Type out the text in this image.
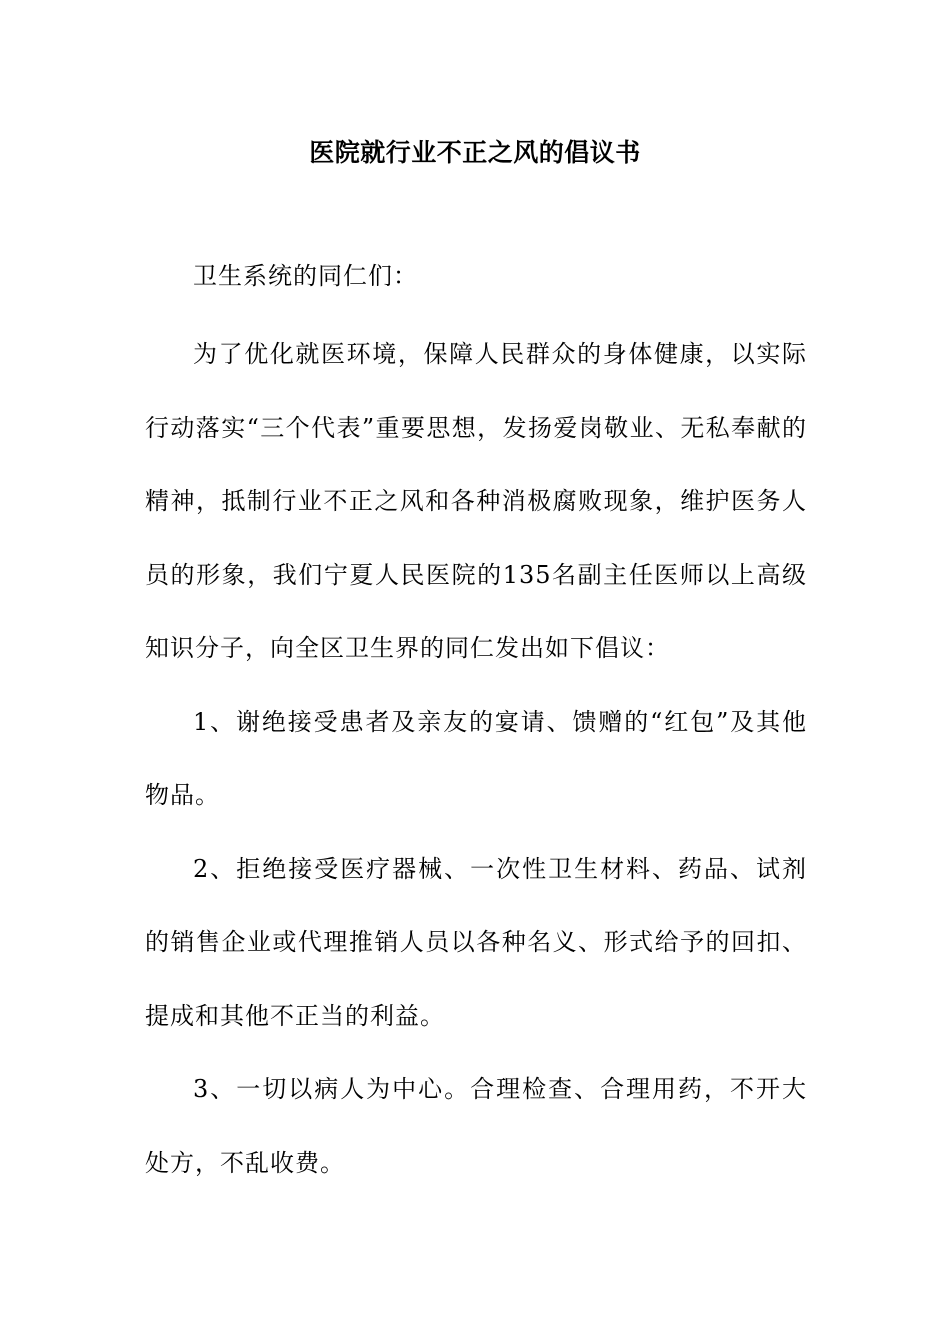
医院就行业不正之风的倡议书

卫生系统的同仁们：

为了优化就医环境，保障人民群众的身体健康，以实际行动落实“三个代表”重要思想，发扬爱岗敬业、无私奉献的精神，抵制行业不正之风和各种消极腐败现象，维护医务人员的形象，我们宁夏人民医院的135名副主任医师以上高级知识分子，向全区卫生界的同仁发出如下倡议：

1、谢绝接受患者及亲友的宴请、馈赠的“红包”及其他物品。

2、拒绝接受医疗器械、一次性卫生材料、药品、试剂的销售企业或代理推销人员以各种名义、形式给予的回扣、提成和其他不正当的利益。

3、一切以病人为中心。合理检查、合理用药，不开大处方，不乱收费。
